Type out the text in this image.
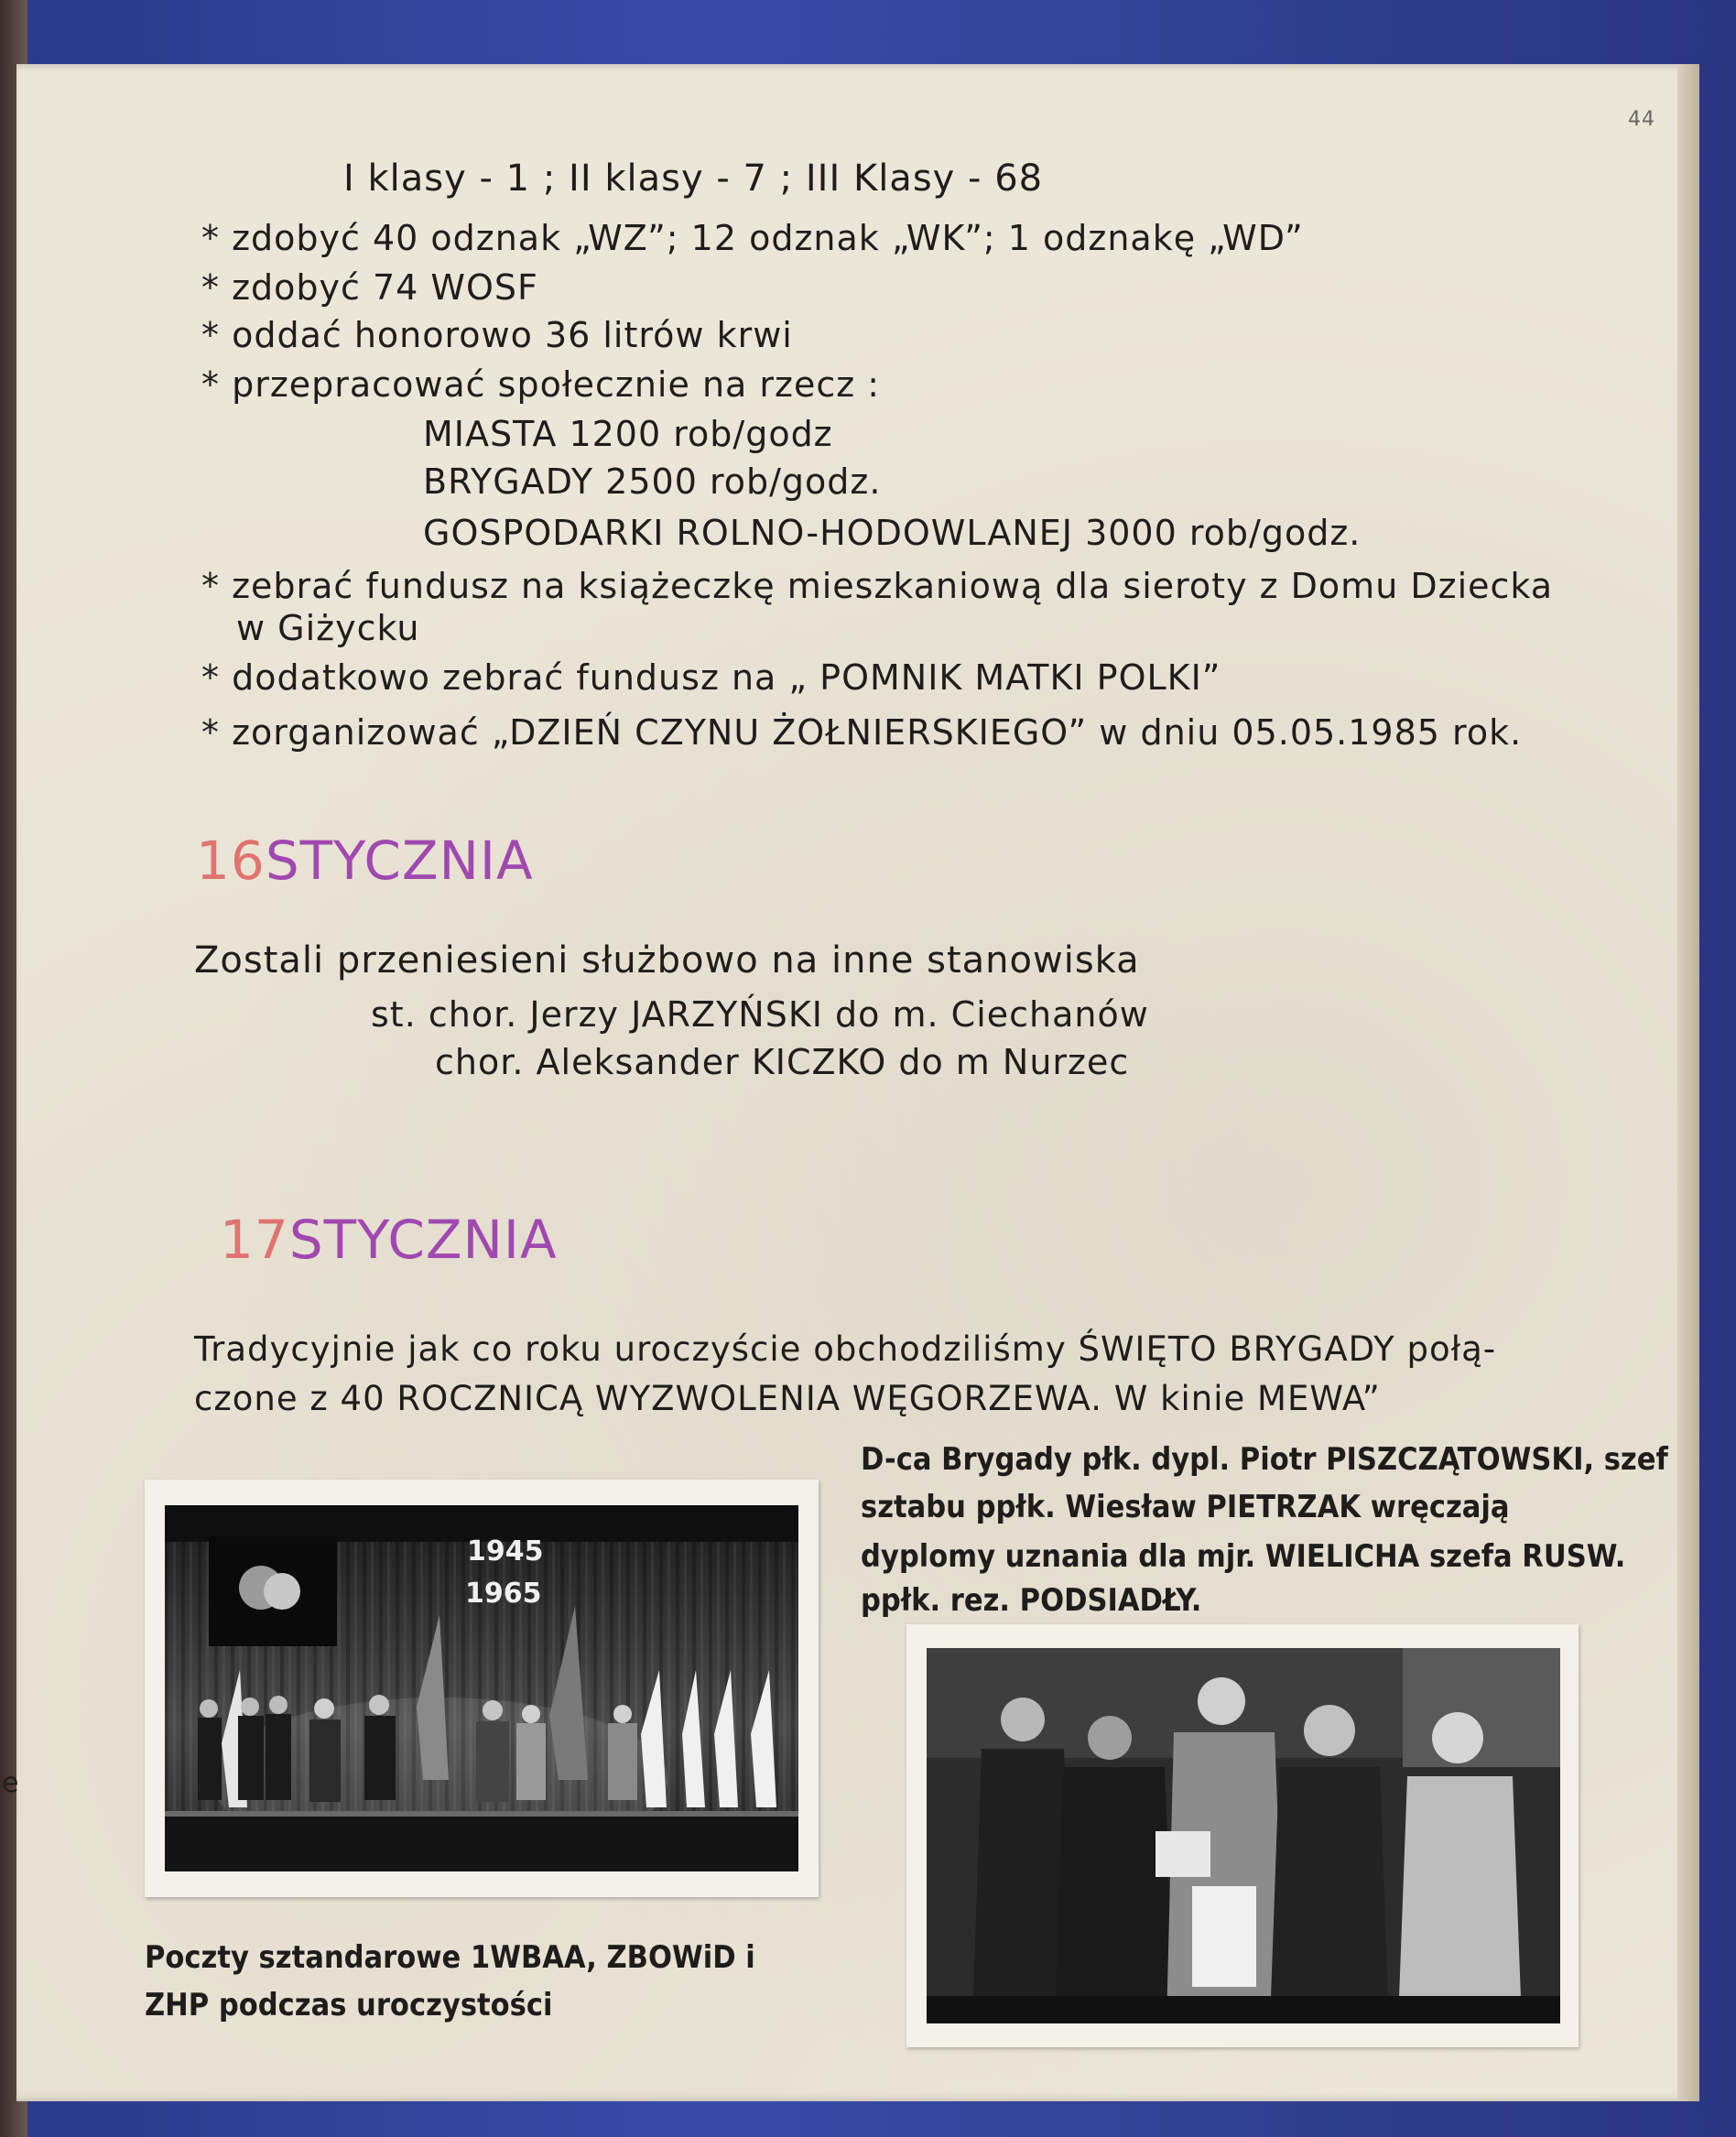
44

e

I klasy - 1 ; II klasy - 7 ; III Klasy - 68

* zdobyć 40 odznak „WZ”; 12 odznak „WK”; 1 odznakę „WD”

* zdobyć 74 WOSF

* oddać honorowo 36 litrów krwi

* przepracować społecznie na rzecz :

MIASTA 1200 rob/godz

BRYGADY 2500 rob/godz.

GOSPODARKI ROLNO-HODOWLANEJ 3000 rob/godz.

* zebrać fundusz na książeczkę mieszkaniową dla sieroty z Domu Dziecka

w Giżycku

* dodatkowo zebrać fundusz na „ POMNIK MATKI POLKI”

* zorganizować „DZIEŃ CZYNU ŻOŁNIERSKIEGO” w dniu 05.05.1985 rok.

16STYCZNIA

Zostali przeniesieni służbowo na inne stanowiska

st. chor. Jerzy JARZYŃSKI do m. Ciechanów

chor. Aleksander KICZKO do m Nurzec

17STYCZNIA

Tradycyjnie jak co roku uroczyście obchodziliśmy ŚWIĘTO BRYGADY połą-

czone z 40 ROCZNICĄ WYZWOLENIA WĘGORZEWA. W kinie MEWA”

D-ca Brygady płk. dypl. Piotr PISZCZĄTOWSKI, szef

sztabu ppłk. Wiesław PIETRZAK wręczają

dyplomy uznania dla mjr. WIELICHA szefa RUSW.

ppłk. rez. PODSIADŁY.

1945
1965

Poczty sztandarowe 1WBAA, ZBOWiD i

ZHP podczas uroczystości
